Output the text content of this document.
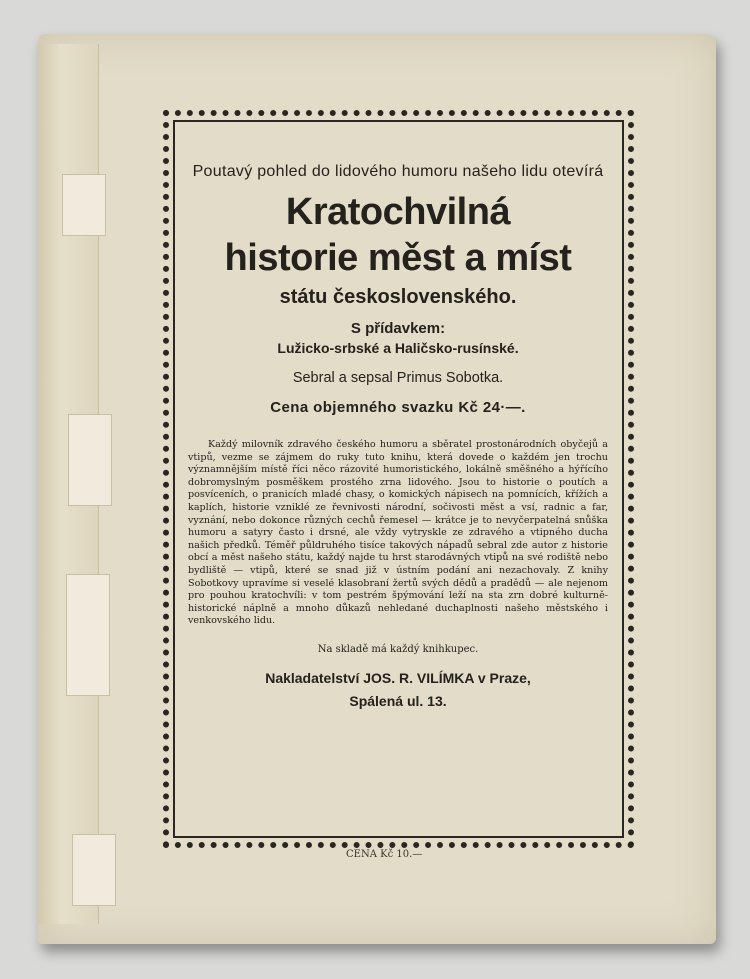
Poutavý pohled do lidového humoru našeho lidu otevírá
Kratochvilná
historie měst a míst
státu československého.
S přídavkem:
Lužicko-srbské a Haličsko-rusínské.
Sebral a sepsal Primus Sobotka.
Cena objemného svazku Kč 24·—.
Každý milovník zdravého českého humoru a sběratel prostonárodních obyčejů a vtipů, vezme se zájmem do ruky tuto knihu, která dovede o každém jen trochu významnějším místě říci něco rázovité humoristického, lokálně směšného a hýřícího dobromyslným posměškem prostého zrna lidového. Jsou to historie o poutích a posvíceních, o pranicích mladé chasy, o komických nápisech na pomnících, křížích a kaplích, historie vzniklé ze řevnivosti národní, sočivosti měst a vsí, radnic a far, vyznání, nebo dokonce různých cechů řemesel — krátce je to nevyčerpatelná snůška humoru a satyry často i drsné, ale vždy vytryskle ze zdravého a vtipného ducha našich předků. Téměř půldruhého tisíce takových nápadů sebral zde autor z historie obcí a měst našeho státu, každý najde tu hrst starodávných vtipů na své rodiště nebo bydliště — vtipů, které se snad již v ústním podání ani nezachovaly. Z knihy Sobotkovy upravíme si veselé klasobraní žertů svých dědů a pradědů — ale nejenom pro pouhou kratochvíli: v tom pestrém špýmování leží na sta zrn dobré kulturně-historické náplně a mnoho důkazů nehledané duchaplnosti našeho městského i venkovského lidu.
Na skladě má každý knihkupec.
Nakladatelství JOS. R. VILÍMKA v Praze,
Spálená ul. 13.
CENA Kč 10.—
